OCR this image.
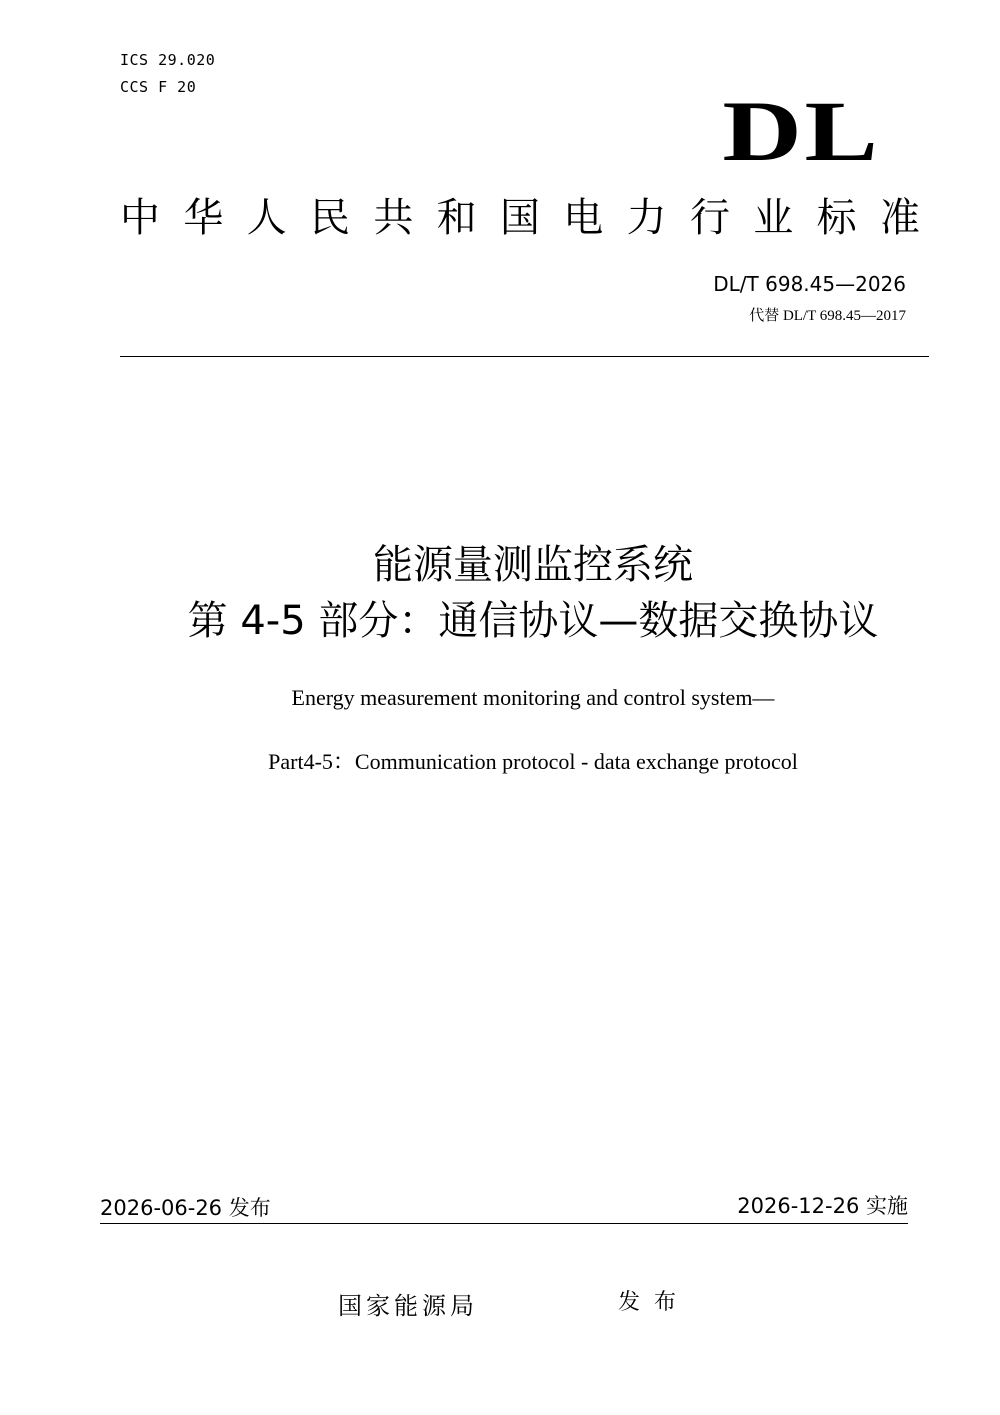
ICS 29.020
CCS F 20	DL
中 华 人 民 共 和 国 电 力 行 业 标 准
DL/T 698.45—2026
代替 DL/T 698.45—2017
能源量测监控系统
第 4-5 部分：通信协议—数据交换协议
Energy measurement monitoring and control system—
Part4-5：Communication protocol - data exchange protocol
2026-06-26 发布	2026-12-26 实施
国家能源局	发布
